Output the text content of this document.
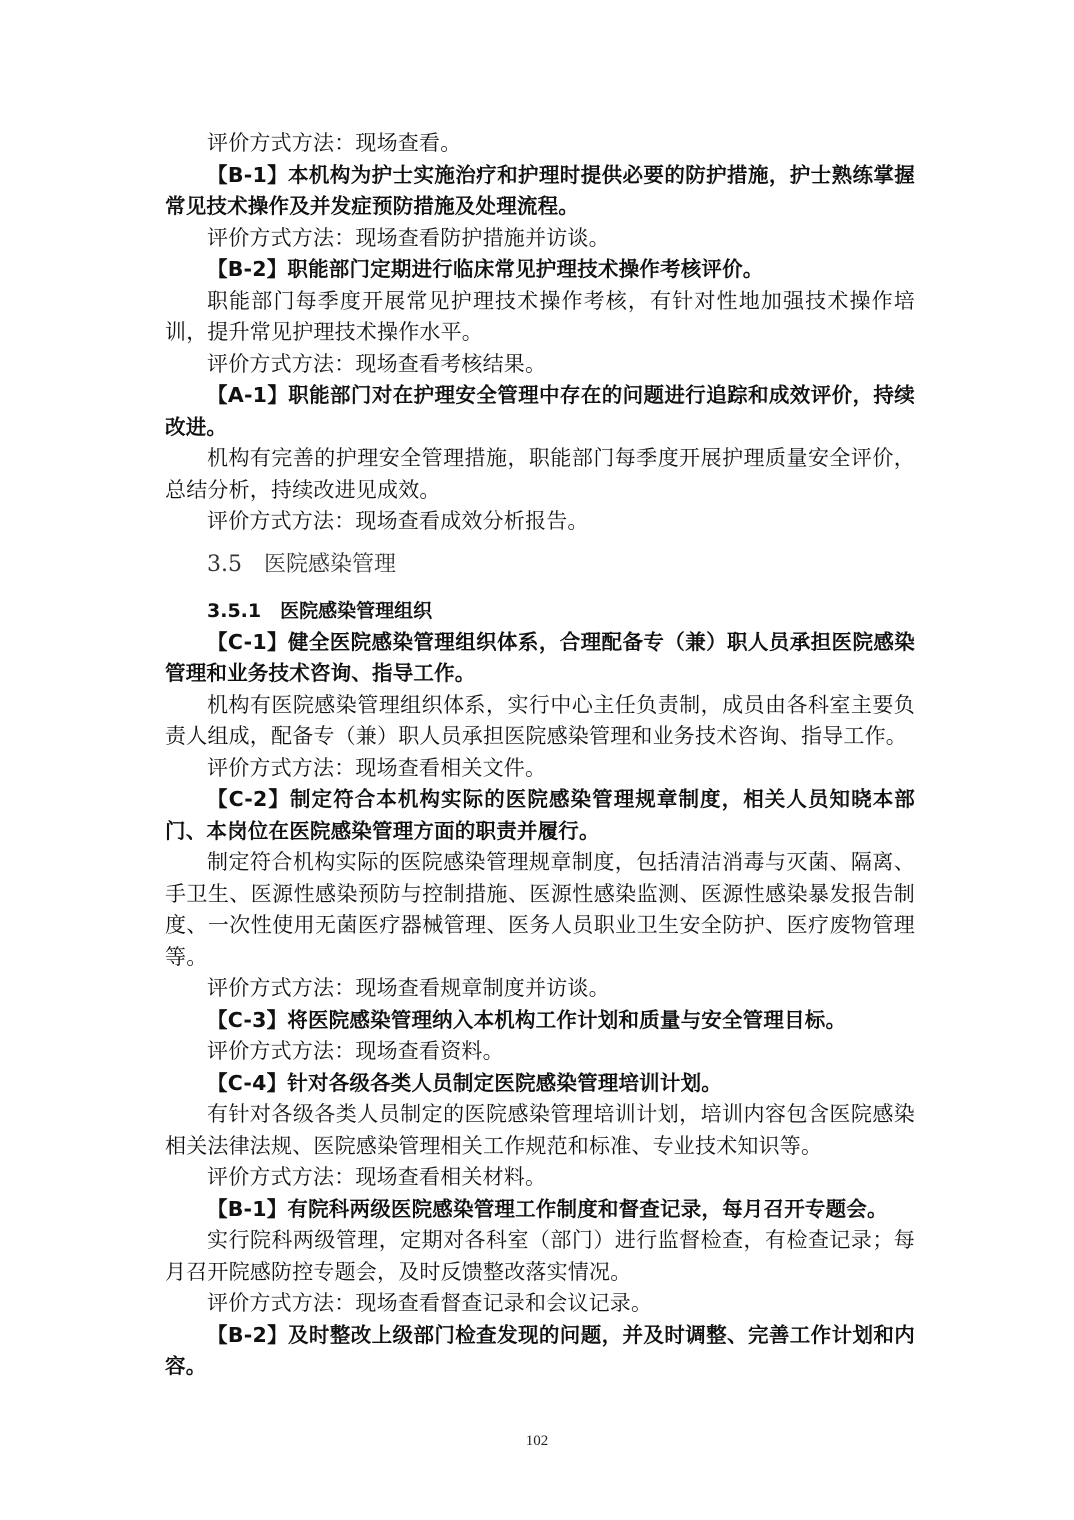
评价方式方法：现场查看。

【B-1】本机构为护士实施治疗和护理时提供必要的防护措施，护士熟练掌握常见技术操作及并发症预防措施及处理流程。

评价方式方法：现场查看防护措施并访谈。

【B-2】职能部门定期进行临床常见护理技术操作考核评价。

职能部门每季度开展常见护理技术操作考核，有针对性地加强技术操作培训，提升常见护理技术操作水平。

评价方式方法：现场查看考核结果。

【A-1】职能部门对在护理安全管理中存在的问题进行追踪和成效评价，持续改进。

机构有完善的护理安全管理措施，职能部门每季度开展护理质量安全评价，总结分析，持续改进见成效。

评价方式方法：现场查看成效分析报告。

3.5　医院感染管理

3.5.1　医院感染管理组织

【C-1】健全医院感染管理组织体系，合理配备专（兼）职人员承担医院感染管理和业务技术咨询、指导工作。

机构有医院感染管理组织体系，实行中心主任负责制，成员由各科室主要负责人组成，配备专（兼）职人员承担医院感染管理和业务技术咨询、指导工作。

评价方式方法：现场查看相关文件。

【C-2】制定符合本机构实际的医院感染管理规章制度，相关人员知晓本部门、本岗位在医院感染管理方面的职责并履行。

制定符合机构实际的医院感染管理规章制度，包括清洁消毒与灭菌、隔离、手卫生、医源性感染预防与控制措施、医源性感染监测、医源性感染暴发报告制度、一次性使用无菌医疗器械管理、医务人员职业卫生安全防护、医疗废物管理等。

评价方式方法：现场查看规章制度并访谈。

【C-3】将医院感染管理纳入本机构工作计划和质量与安全管理目标。

评价方式方法：现场查看资料。

【C-4】针对各级各类人员制定医院感染管理培训计划。

有针对各级各类人员制定的医院感染管理培训计划，培训内容包含医院感染相关法律法规、医院感染管理相关工作规范和标准、专业技术知识等。

评价方式方法：现场查看相关材料。

【B-1】有院科两级医院感染管理工作制度和督查记录，每月召开专题会。

实行院科两级管理，定期对各科室（部门）进行监督检查，有检查记录；每月召开院感防控专题会，及时反馈整改落实情况。

评价方式方法：现场查看督查记录和会议记录。

【B-2】及时整改上级部门检查发现的问题，并及时调整、完善工作计划和内容。

102
